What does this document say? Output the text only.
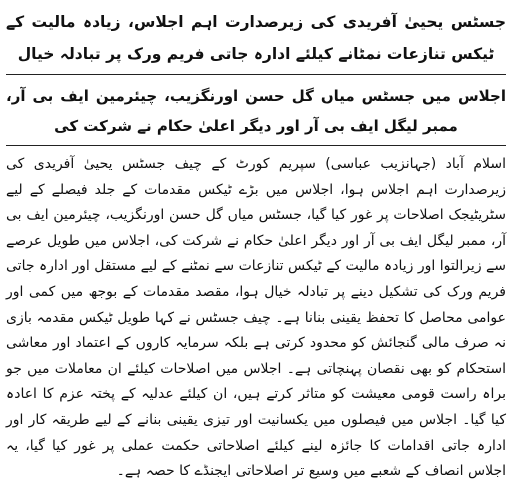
جسٹس یحییٰ آفریدی کی زیرصدارت اہم اجلاس، زیادہ مالیت کے ٹیکس تنازعات نمٹانے کیلئے ادارہ جاتی فریم ورک پر تبادلہ خیال

اجلاس میں جسٹس میاں گل حسن اورنگزیب، چیئرمین ایف بی آر، ممبر لیگل ایف بی آر اور دیگر اعلیٰ حکام نے شرکت کی

اسلام آباد (جہانزیب عباسی) سپریم کورٹ کے چیف جسٹس یحییٰ آفریدی کی زیرصدارت اہم اجلاس ہوا، اجلاس میں بڑے ٹیکس مقدمات کے جلد فیصلے کے لیے سٹریٹیجک اصلاحات پر غور کیا گیا، جسٹس میاں گل حسن اورنگزیب، چیئرمین ایف بی آر، ممبر لیگل ایف بی آر اور دیگر اعلیٰ حکام نے شرکت کی، اجلاس میں طویل عرصے سے زیرالتوا اور زیادہ مالیت کے ٹیکس تنازعات سے نمٹنے کے لیے مستقل اور ادارہ جاتی فریم ورک کی تشکیل دینے پر تبادلہ خیال ہوا، مقصد مقدمات کے بوجھ میں کمی اور عوامی محاصل کا تحفظ یقینی بنانا ہے۔ چیف جسٹس نے کہا طویل ٹیکس مقدمہ بازی نہ صرف مالی گنجائش کو محدود کرتی ہے بلکہ سرمایہ کاروں کے اعتماد اور معاشی استحکام کو بھی نقصان پہنچاتی ہے۔ اجلاس میں اصلاحات کیلئے ان معاملات میں جو براہ راست قومی معیشت کو متاثر کرتے ہیں، ان کیلئے عدلیہ کے پختہ عزم کا اعادہ کیا گیا۔ اجلاس میں فیصلوں میں یکسانیت اور تیزی یقینی بنانے کے لیے طریقہ کار اور ادارہ جاتی اقدامات کا جائزہ لینے کیلئے اصلاحاتی حکمت عملی پر غور کیا گیا، یہ اجلاس انصاف کے شعبے میں وسیع تر اصلاحاتی ایجنڈے کا حصہ ہے۔
